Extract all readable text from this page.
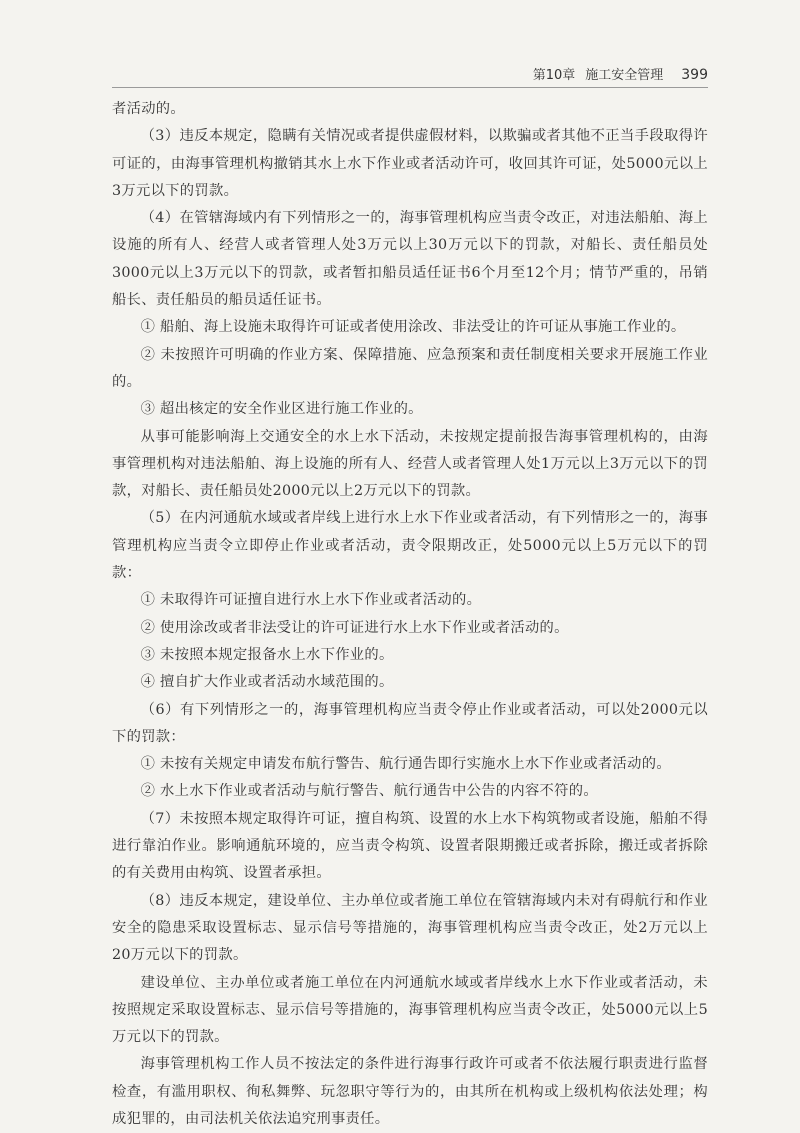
第10章 施工安全管理 399

者活动的。

（3）违反本规定，隐瞒有关情况或者提供虚假材料，以欺骗或者其他不正当手段取得许可证的，由海事管理机构撤销其水上水下作业或者活动许可，收回其许可证，处5000元以上3万元以下的罚款。

（4）在管辖海域内有下列情形之一的，海事管理机构应当责令改正，对违法船舶、海上设施的所有人、经营人或者管理人处3万元以上30万元以下的罚款，对船长、责任船员处3000元以上3万元以下的罚款，或者暂扣船员适任证书6个月至12个月；情节严重的，吊销船长、责任船员的船员适任证书。

① 船舶、海上设施未取得许可证或者使用涂改、非法受让的许可证从事施工作业的。

② 未按照许可明确的作业方案、保障措施、应急预案和责任制度相关要求开展施工作业的。

③ 超出核定的安全作业区进行施工作业的。

从事可能影响海上交通安全的水上水下活动，未按规定提前报告海事管理机构的，由海事管理机构对违法船舶、海上设施的所有人、经营人或者管理人处1万元以上3万元以下的罚款，对船长、责任船员处2000元以上2万元以下的罚款。

（5）在内河通航水域或者岸线上进行水上水下作业或者活动，有下列情形之一的，海事管理机构应当责令立即停止作业或者活动，责令限期改正，处5000元以上5万元以下的罚款：

① 未取得许可证擅自进行水上水下作业或者活动的。

② 使用涂改或者非法受让的许可证进行水上水下作业或者活动的。

③ 未按照本规定报备水上水下作业的。

④ 擅自扩大作业或者活动水域范围的。

（6）有下列情形之一的，海事管理机构应当责令停止作业或者活动，可以处2000元以下的罚款：

① 未按有关规定申请发布航行警告、航行通告即行实施水上水下作业或者活动的。

② 水上水下作业或者活动与航行警告、航行通告中公告的内容不符的。

（7）未按照本规定取得许可证，擅自构筑、设置的水上水下构筑物或者设施，船舶不得进行靠泊作业。影响通航环境的，应当责令构筑、设置者限期搬迁或者拆除，搬迁或者拆除的有关费用由构筑、设置者承担。

（8）违反本规定，建设单位、主办单位或者施工单位在管辖海域内未对有碍航行和作业安全的隐患采取设置标志、显示信号等措施的，海事管理机构应当责令改正，处2万元以上20万元以下的罚款。

建设单位、主办单位或者施工单位在内河通航水域或者岸线水上水下作业或者活动，未按照规定采取设置标志、显示信号等措施的，海事管理机构应当责令改正，处5000元以上5万元以下的罚款。

海事管理机构工作人员不按法定的条件进行海事行政许可或者不依法履行职责进行监督检查，有滥用职权、徇私舞弊、玩忽职守等行为的，由其所在机构或上级机构依法处理；构成犯罪的，由司法机关依法追究刑事责任。
